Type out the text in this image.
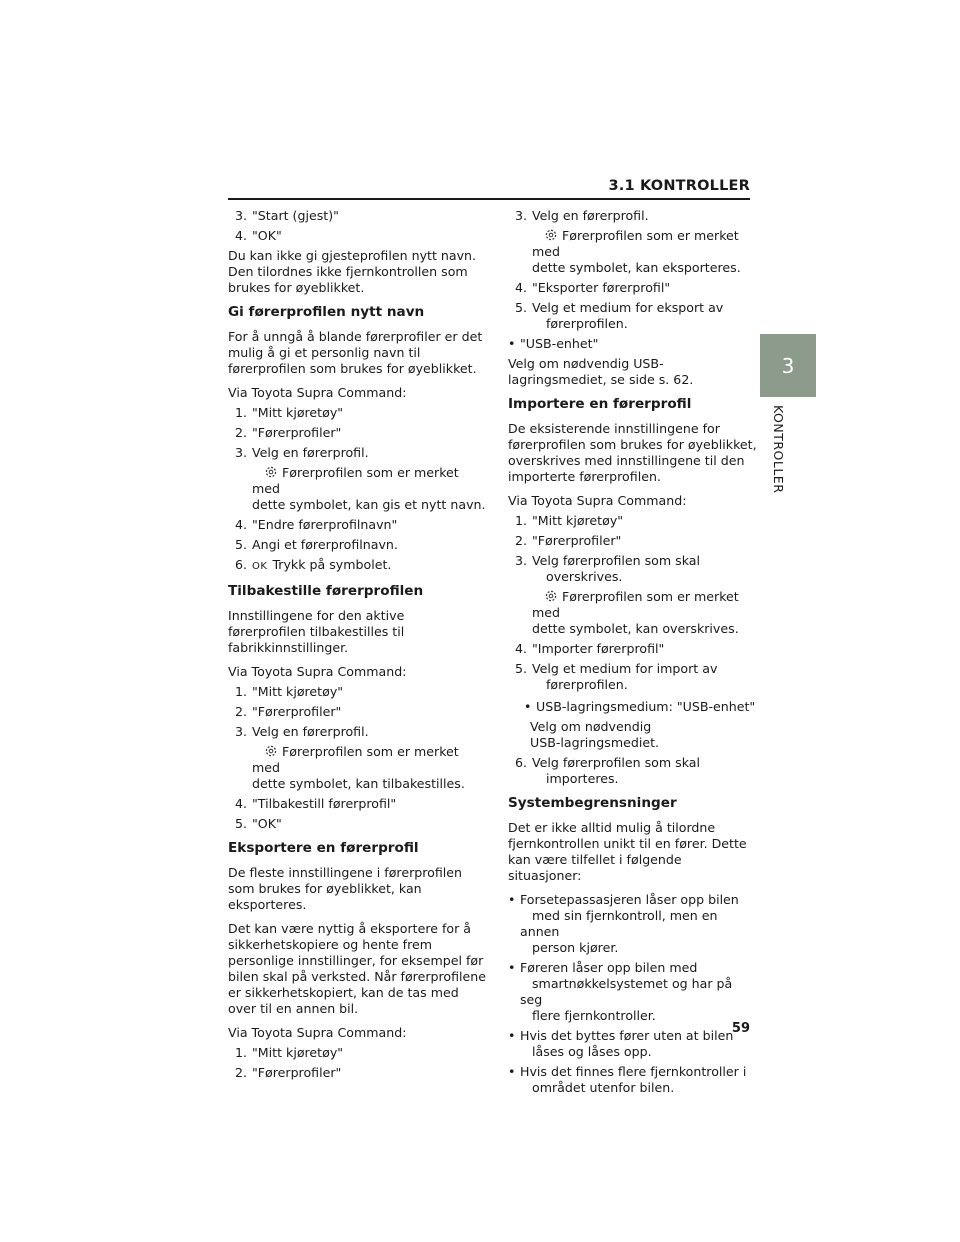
3.1 KONTROLLER
3
KONTROLLER

3. "Start (gjest)"

4. "OK"

Du kan ikke gi gjesteprofilen nytt navn. Den tilordnes ikke fjernkontrollen som brukes for øyeblikket.

Gi førerprofilen nytt navn

For å unngå å blande førerprofiler er det mulig å gi et personlig navn til førerprofilen som brukes for øyeblikket.

Via Toyota Supra Command:

1. "Mitt kjøretøy"

2. "Førerprofiler"

3. Velg en førerprofil.

Førerprofilen som er merket med
dette symbolet, kan gis et nytt navn.

4. "Endre førerprofilnavn"

5. Angi et førerprofilnavn.

6. OK Trykk på symbolet.

Tilbakestille førerprofilen

Innstillingene for den aktive førerprofilen tilbakestilles til fabrikkinnstillinger.

Via Toyota Supra Command:

1. "Mitt kjøretøy"

2. "Førerprofiler"

3. Velg en førerprofil.

Førerprofilen som er merket med
dette symbolet, kan tilbakestilles.

4. "Tilbakestill førerprofil"

5. "OK"

Eksportere en førerprofil

De fleste innstillingene i førerprofilen som brukes for øyeblikket, kan eksporteres.

Det kan være nyttig å eksportere for å sikkerhetskopiere og hente frem personlige innstillinger, for eksempel før bilen skal på verksted. Når førerprofilene er sikkerhetskopiert, kan de tas med over til en annen bil.

Via Toyota Supra Command:

1. "Mitt kjøretøy"

2. "Førerprofiler"

3. Velg en førerprofil.

Førerprofilen som er merket med
dette symbolet, kan eksporteres.

4. "Eksporter førerprofil"

5. Velg et medium for eksport av
førerprofilen.

• "USB-enhet"

Velg om nødvendig USB-lagringsmediet, se side s. 62.

Importere en førerprofil

De eksisterende innstillingene for førerprofilen som brukes for øyeblikket, overskrives med innstillingene til den importerte førerprofilen.

Via Toyota Supra Command:

1. "Mitt kjøretøy"

2. "Førerprofiler"

3. Velg førerprofilen som skal
overskrives.

Førerprofilen som er merket med
dette symbolet, kan overskrives.

4. "Importer førerprofil"

5. Velg et medium for import av
førerprofilen.

• USB-lagringsmedium: "USB-enhet"

Velg om nødvendig
USB-lagringsmediet.

6. Velg førerprofilen som skal
importeres.

Systembegrensninger

Det er ikke alltid mulig å tilordne fjernkontrollen unikt til en fører. Dette kan være tilfellet i følgende situasjoner:

• Forsetepassasjeren låser opp bilen
med sin fjernkontroll, men en annen
person kjører.

• Føreren låser opp bilen med
smartnøkkelsystemet og har på seg
flere fjernkontroller.

• Hvis det byttes fører uten at bilen
låses og låses opp.

• Hvis det finnes flere fjernkontroller i
området utenfor bilen.

59
